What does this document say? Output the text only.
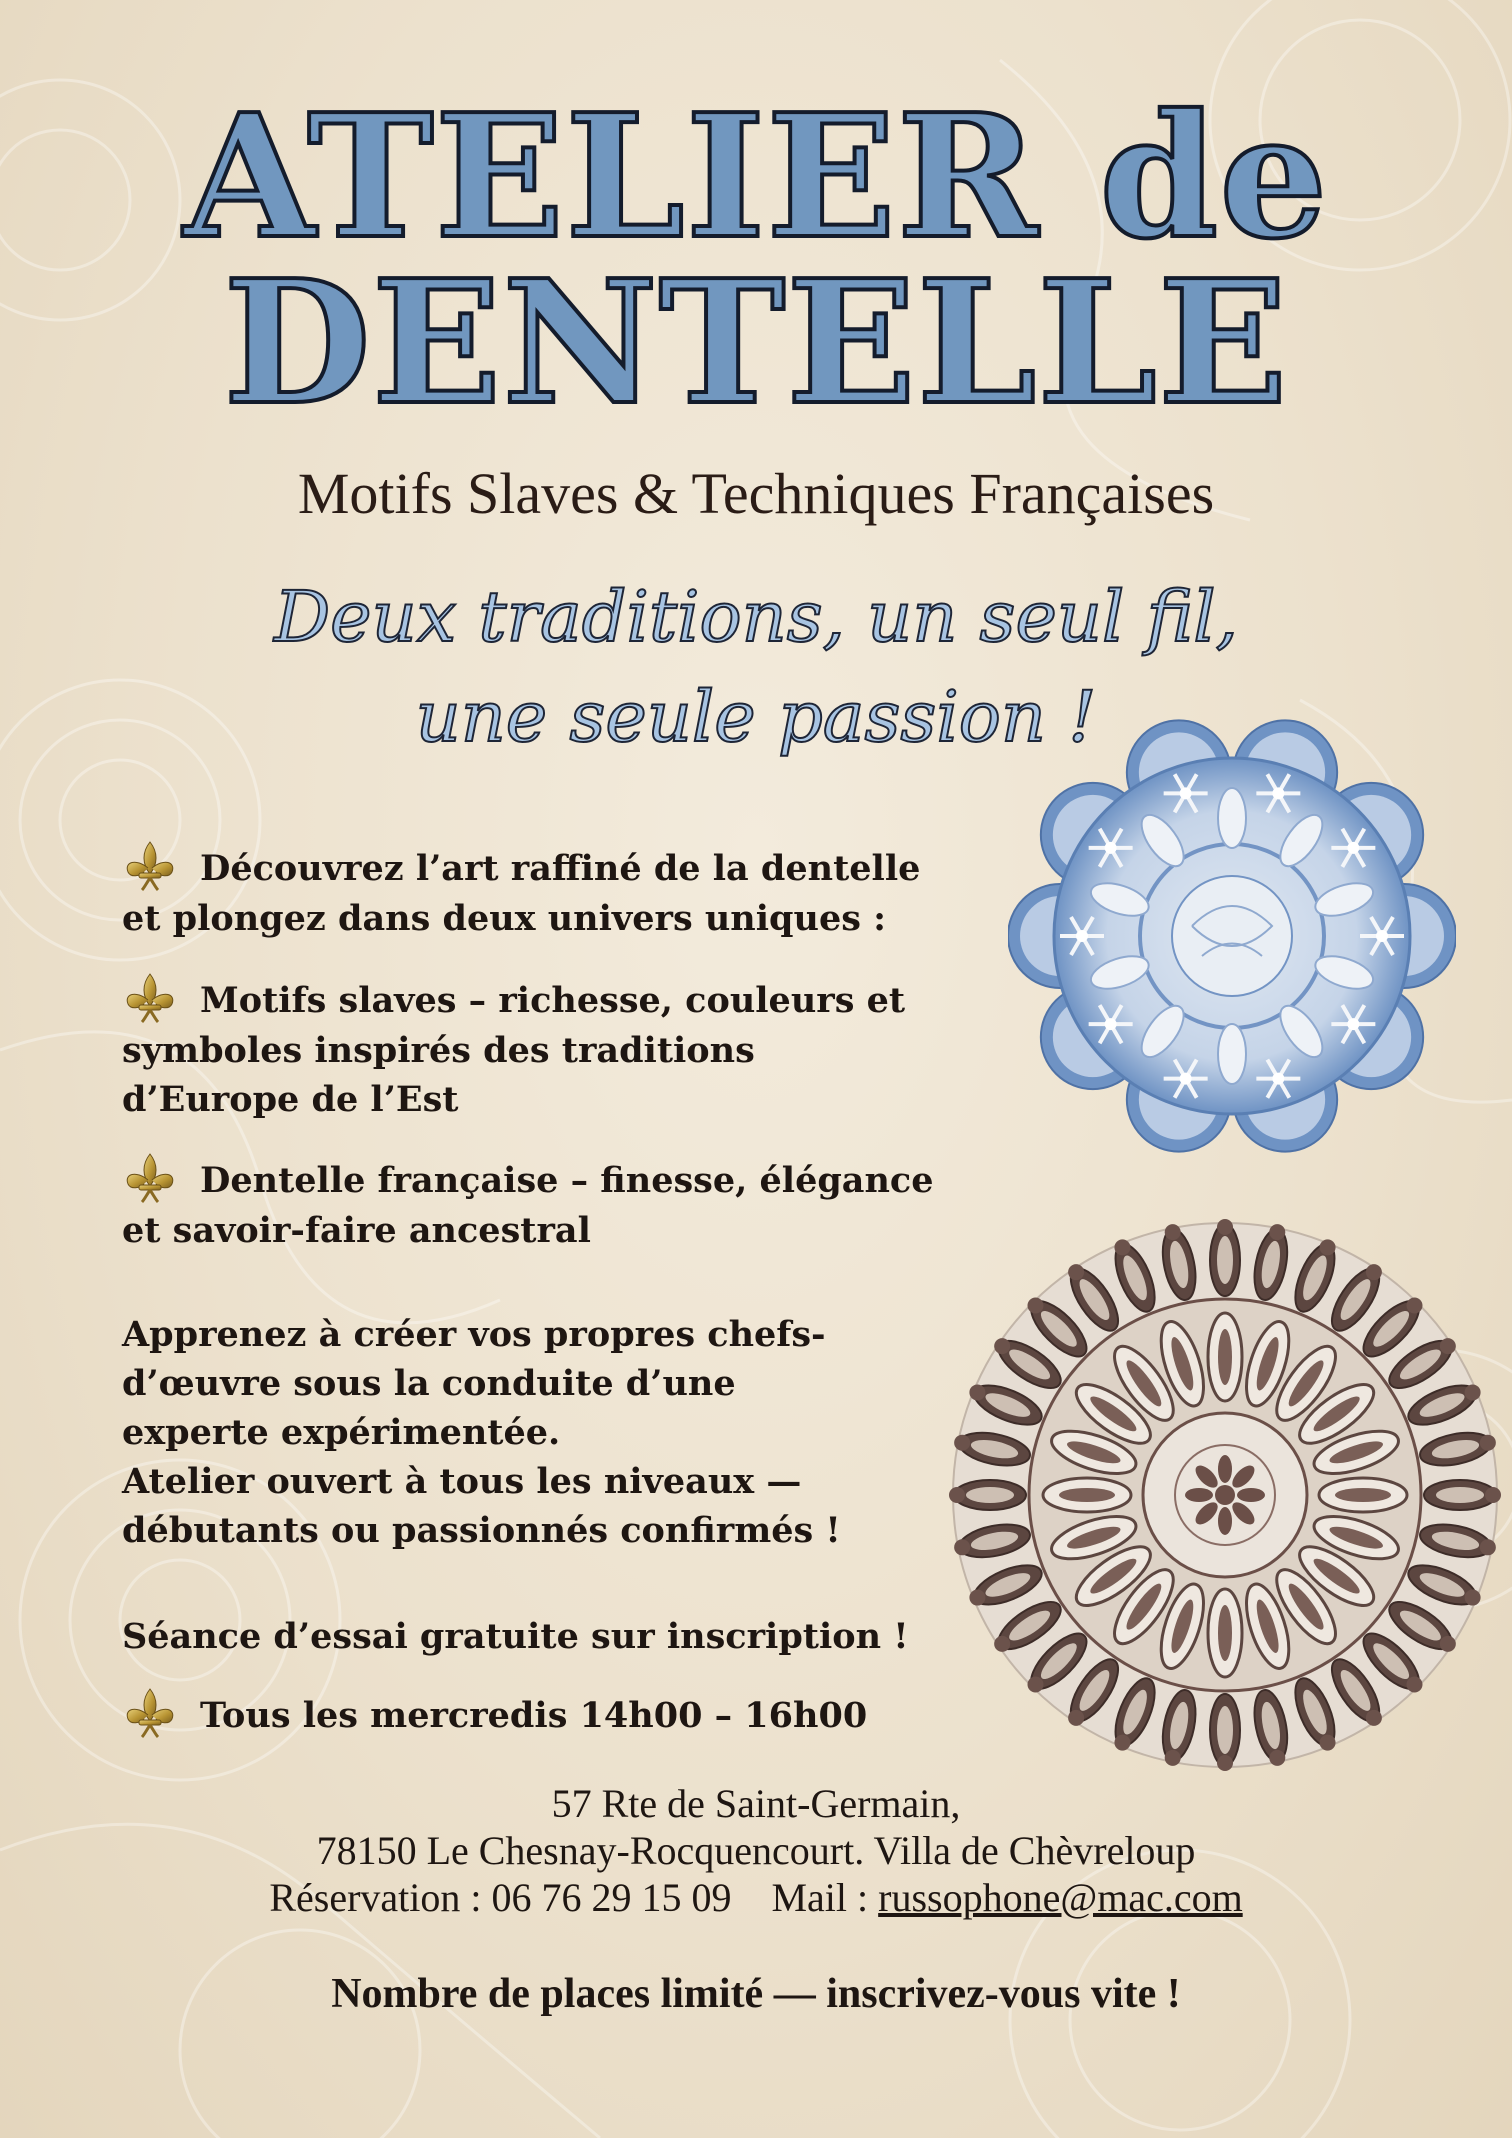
ATELIER de
DENTELLE
Motifs Slaves & Techniques Françaises
Deux traditions, un seul fil,
une seule passion !
Découvrez l’art raffiné de la dentelle
et plongez dans deux univers uniques :
Motifs slaves – richesse, couleurs et
symboles inspirés des traditions
d’Europe de l’Est
Dentelle française – finesse, élégance
et savoir-faire ancestral
Apprenez à créer vos propres chefs-
d’œuvre sous la conduite d’une
experte expérimentée.
Atelier ouvert à tous les niveaux —
débutants ou passionnés confirmés !
Séance d’essai gratuite sur inscription !
Tous les mercredis 14h00 – 16h00
57 Rte de Saint-Germain,
78150 Le Chesnay-Rocquencourt. Villa de Chèvreloup
Réservation : 06 76 29 15 09 Mail : russophone@mac.com
Nombre de places limité — inscrivez-vous vite !
